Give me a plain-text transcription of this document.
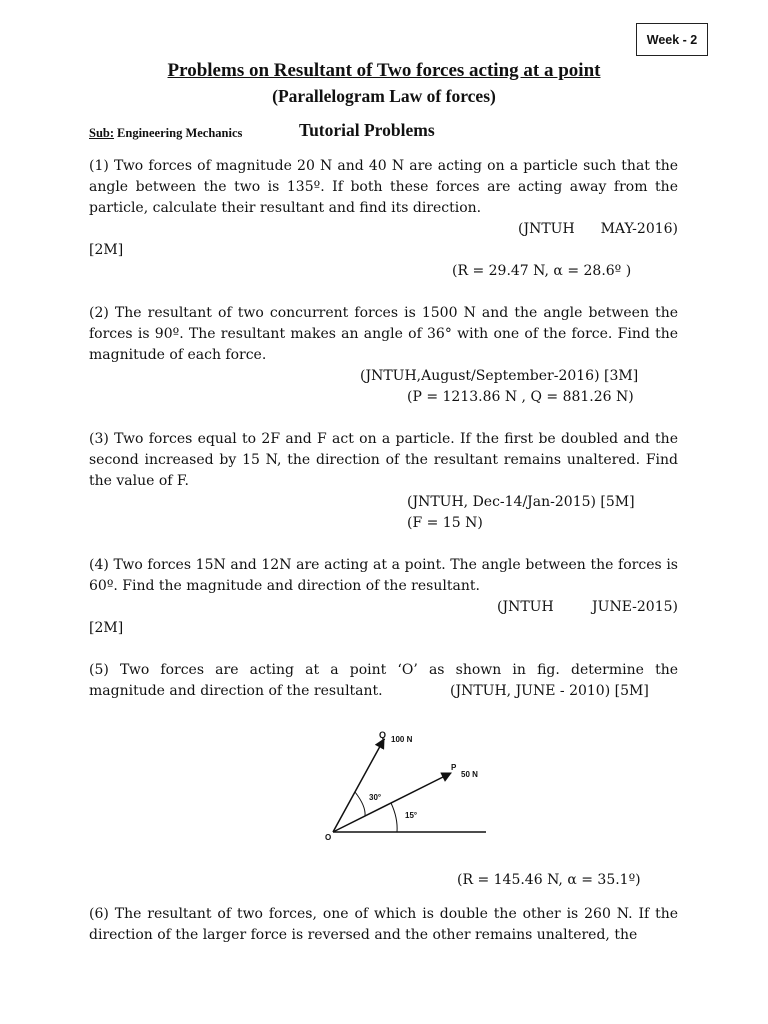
Week - 2
Problems on Resultant of Two forces acting at a point
(Parallelogram Law of forces)
Sub: Engineering Mechanics	Tutorial Problems

(1) Two forces of magnitude 20 N and 40 N are acting on a particle such that the angle between the two is 135º. If both these forces are acting away from the particle, calculate their resultant and find its direction.

(JNTUH MAY-2016)

[2M]

(R = 29.47 N, α = 28.6º )

(2) The resultant of two concurrent forces is 1500 N and the angle between the forces is 90º. The resultant makes an angle of 36° with one of the force. Find the magnitude of each force.

(JNTUH,August/September-2016) [3M]

(P = 1213.86 N , Q = 881.26 N)

(3) Two forces equal to 2F and F act on a particle. If the first be doubled and the second increased by 15 N, the direction of the resultant remains unaltered. Find the value of F.

(JNTUH, Dec-14/Jan-2015) [5M]

(F = 15 N)

(4) Two forces 15N and 12N are acting at a point. The angle between the forces is 60º. Find the magnitude and direction of the resultant.

(JNTUH	JUNE-2015)

[2M]

(5) Two forces are acting at a point ‘O’ as shown in fig. determine the

magnitude and direction of the resultant.	(JNTUH, JUNE - 2010) [5M]

Q 100 N
P
50 N
30°
15°
O

(R = 145.46 N, α = 35.1º)

(6) The resultant of two forces, one of which is double the other is 260 N. If the direction of the larger force is reversed and the other remains unaltered, the
